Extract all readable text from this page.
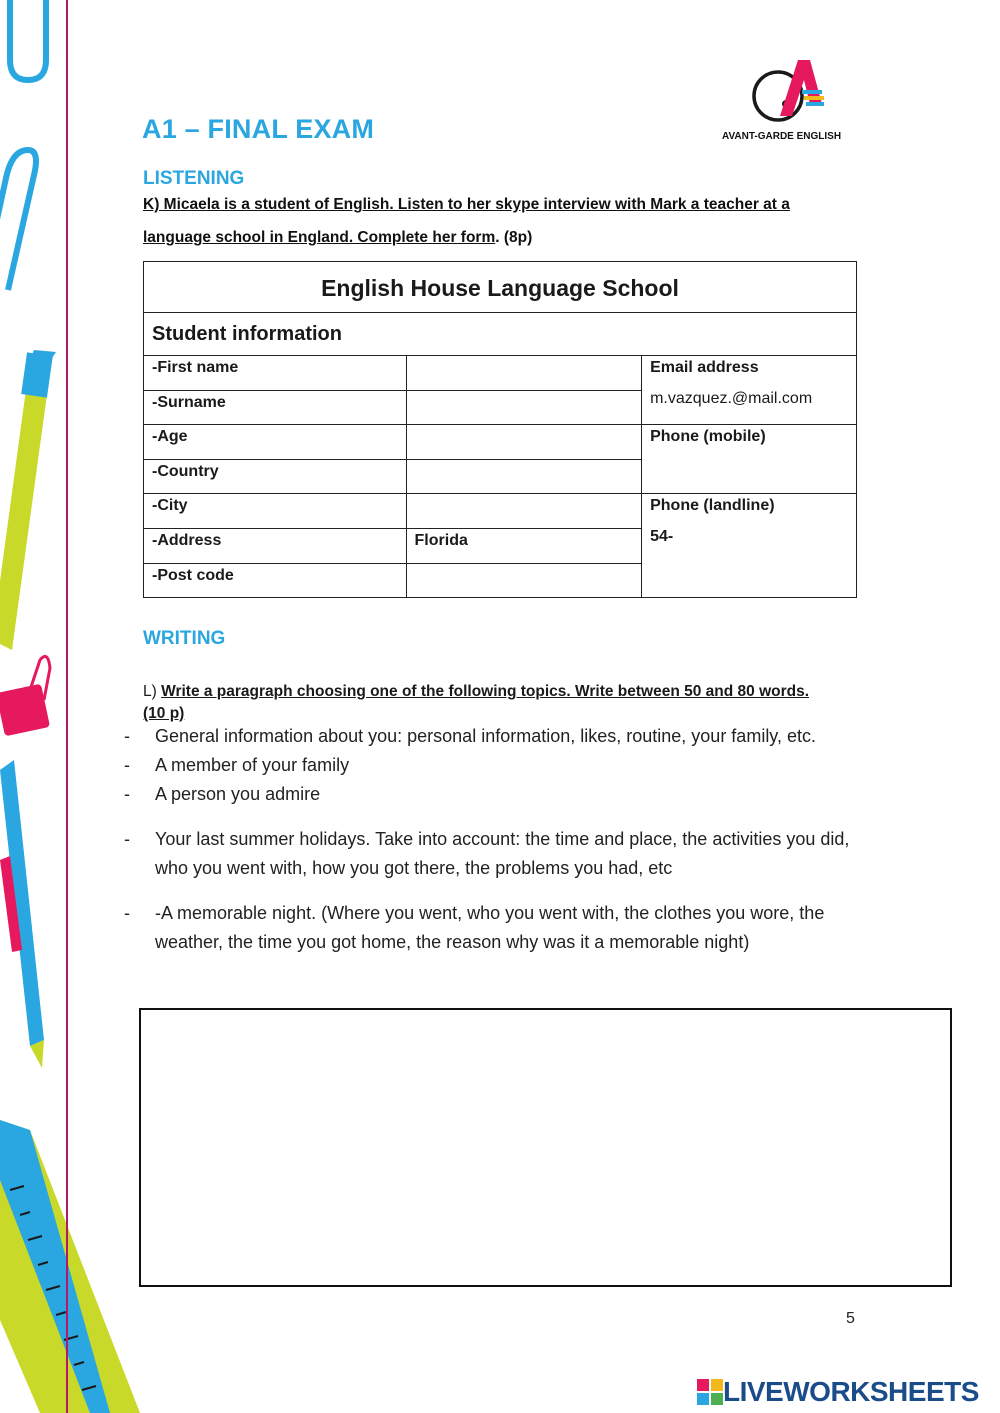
AVANT-GARDE ENGLISH
A1 – FINAL EXAM
LISTENING
K) Micaela is a student of English. Listen to her skype interview with Mark a teacher at a
language school in England. Complete her form. (8p)
English House Language School		
Student information		
-First name		Email address
m.vazquez.@mail.com

-Surname		
-Age		Phone (mobile)

-Country		
-City		Phone (landline)
54-

-Address	Florida	
-Post code		
WRITING
L) Write a paragraph choosing one of the following topics. Write between 50 and 80 words.
(10 p)
- General information about you: personal information, likes, routine, your family, etc.
- A member of your family
- A person you admire
- Your last summer holidays. Take into account: the time and place, the activities you did, who you went with, how you got there, the problems you had, etc
- -A memorable night. (Where you went, who you went with, the clothes you wore, the weather, the time you got home, the reason why was it a memorable night)
5
LIVEWORKSHEETS
